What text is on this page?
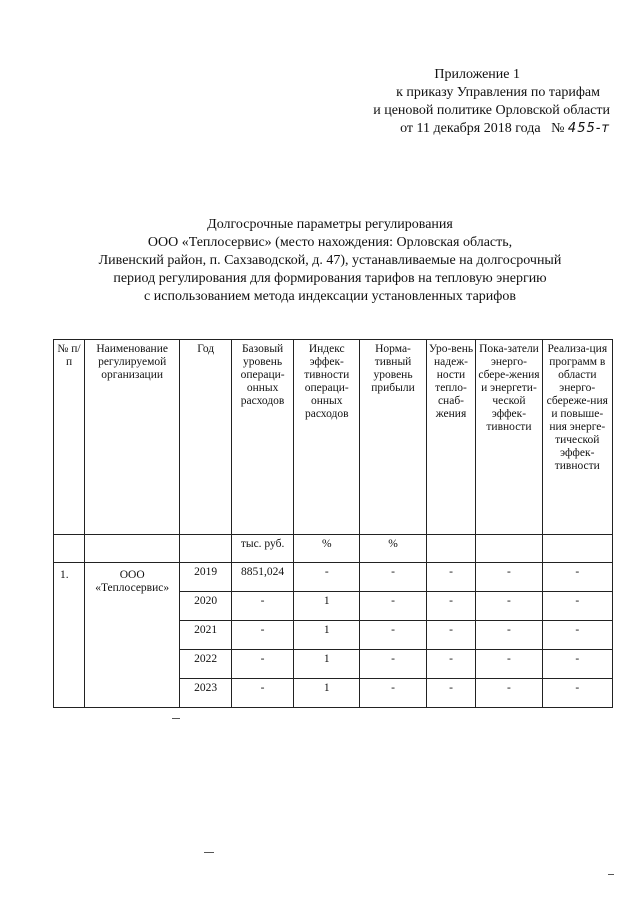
Приложение 1
к приказу Управления по тарифам
и ценовой политике Орловской области
от 11 декабря 2018 года № 455-т
Долгосрочные параметры регулирования
ООО «Теплосервис» (место нахождения: Орловская область,
Ливенский район, п. Сахзаводской, д. 47), устанавливаемые на долгосрочный
период регулирования для формирования тарифов на тепловую энергию
с использованием метода индексации установленных тарифов
№ п/п	Наименование регулируемой организации	Год	Базовый уровень операци-онных расходов	Индекс эффек-тивности операци-онных расходов	Норма-тивный уровень прибыли	Уро-вень надеж-ности тепло-снаб-жения	Пока-затели энерго-сбере-жения и энергети-ческой эффек-тивности	Реализа-ция программ в области энерго-сбереже-ния и повыше-ния энерге-тической эффек-тивности
			тыс. руб.	%	%			
1.	ООО «Теплосервис»	2019	8851,024	-	-	-	-	-
		2020	-	1	-	-	-	-
		2021	-	1	-	-	-	-
		2022	-	1	-	-	-	-
		2023	-	1	-	-	-	-
